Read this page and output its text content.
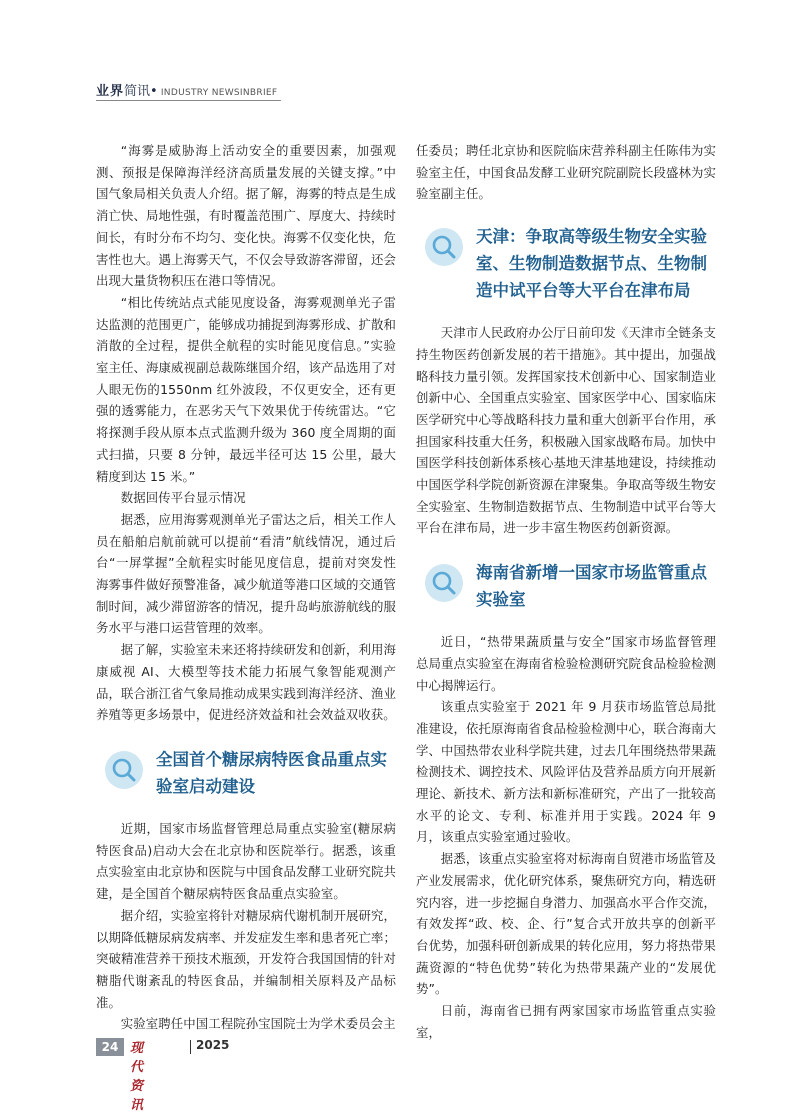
业界简讯• INDUSTRY NEWSINBRIEF

“海雾是威胁海上活动安全的重要因素，加强观测、预报是保障海洋经济高质量发展的关键支撑。”中国气象局相关负责人介绍。据了解，海雾的特点是生成消亡快、局地性强，有时覆盖范围广、厚度大、持续时间长，有时分布不均匀、变化快。海雾不仅变化快，危害性也大。遇上海雾天气，不仅会导致游客滞留，还会出现大量货物积压在港口等情况。

“相比传统站点式能见度设备，海雾观测单光子雷达监测的范围更广，能够成功捕捉到海雾形成、扩散和消散的全过程，提供全航程的实时能见度信息。”实验室主任、海康威视副总裁陈继国介绍，该产品选用了对人眼无伤的1550nm 红外波段，不仅更安全，还有更强的透雾能力，在恶劣天气下效果优于传统雷达。“它将探测手段从原本点式监测升级为 360 度全周期的面式扫描，只要 8 分钟，最远半径可达 15 公里，最大精度到达 15 米。”

数据回传平台显示情况

据悉，应用海雾观测单光子雷达之后，相关工作人员在船舶启航前就可以提前“看清”航线情况，通过后台“一屏掌握”全航程实时能见度信息，提前对突发性海雾事件做好预警准备，减少航道等港口区域的交通管制时间，减少滞留游客的情况，提升岛屿旅游航线的服务水平与港口运营管理的效率。

据了解，实验室未来还将持续研发和创新，利用海康威视 AI、大模型等技术能力拓展气象智能观测产品，联合浙江省气象局推动成果实践到海洋经济、渔业养殖等更多场景中，促进经济效益和社会效益双收获。

全国首个糖尿病特医食品重点实验室启动建设

近期，国家市场监督管理总局重点实验室(糖尿病特医食品)启动大会在北京协和医院举行。据悉，该重点实验室由北京协和医院与中国食品发酵工业研究院共建，是全国首个糖尿病特医食品重点实验室。

据介绍，实验室将针对糖尿病代谢机制开展研究，以期降低糖尿病发病率、并发症发生率和患者死亡率；突破精准营养干预技术瓶颈，开发符合我国国情的针对糖脂代谢紊乱的特医食品，并编制相关原料及产品标准。

实验室聘任中国工程院孙宝国院士为学术委员会主

任委员；聘任北京协和医院临床营养科副主任陈伟为实验室主任，中国食品发酵工业研究院副院长段盛林为实验室副主任。

天津：争取高等级生物安全实验室、生物制造数据节点、生物制造中试平台等大平台在津布局

天津市人民政府办公厅日前印发《天津市全链条支持生物医药创新发展的若干措施》。其中提出，加强战略科技力量引领。发挥国家技术创新中心、国家制造业创新中心、全国重点实验室、国家医学中心、国家临床医学研究中心等战略科技力量和重大创新平台作用，承担国家科技重大任务，积极融入国家战略布局。加快中国医学科技创新体系核心基地天津基地建设，持续推动中国医学科学院创新资源在津聚集。争取高等级生物安全实验室、生物制造数据节点、生物制造中试平台等大平台在津布局，进一步丰富生物医药创新资源。

海南省新增一国家市场监管重点实验室

近日，“热带果蔬质量与安全”国家市场监督管理总局重点实验室在海南省检验检测研究院食品检验检测中心揭牌运行。

该重点实验室于 2021 年 9 月获市场监管总局批准建设，依托原海南省食品检验检测中心，联合海南大学、中国热带农业科学院共建，过去几年围绕热带果蔬检测技术、调控技术、风险评估及营养品质方向开展新理论、新技术、新方法和新标准研究，产出了一批较高水平的论文、专利、标准并用于实践。2024 年 9 月，该重点实验室通过验收。

据悉，该重点实验室将对标海南自贸港市场监管及产业发展需求，优化研究体系，聚焦研究方向，精选研究内容，进一步挖掘自身潜力、加强高水平合作交流，有效发挥“政、校、企、行”复合式开放共享的创新平台优势，加强科研创新成果的转化应用，努力将热带果蔬资源的“特色优势”转化为热带果蔬产业的“发展优势”。

日前，海南省已拥有两家国家市场监管重点实验室，

24 现代资讯
2025
